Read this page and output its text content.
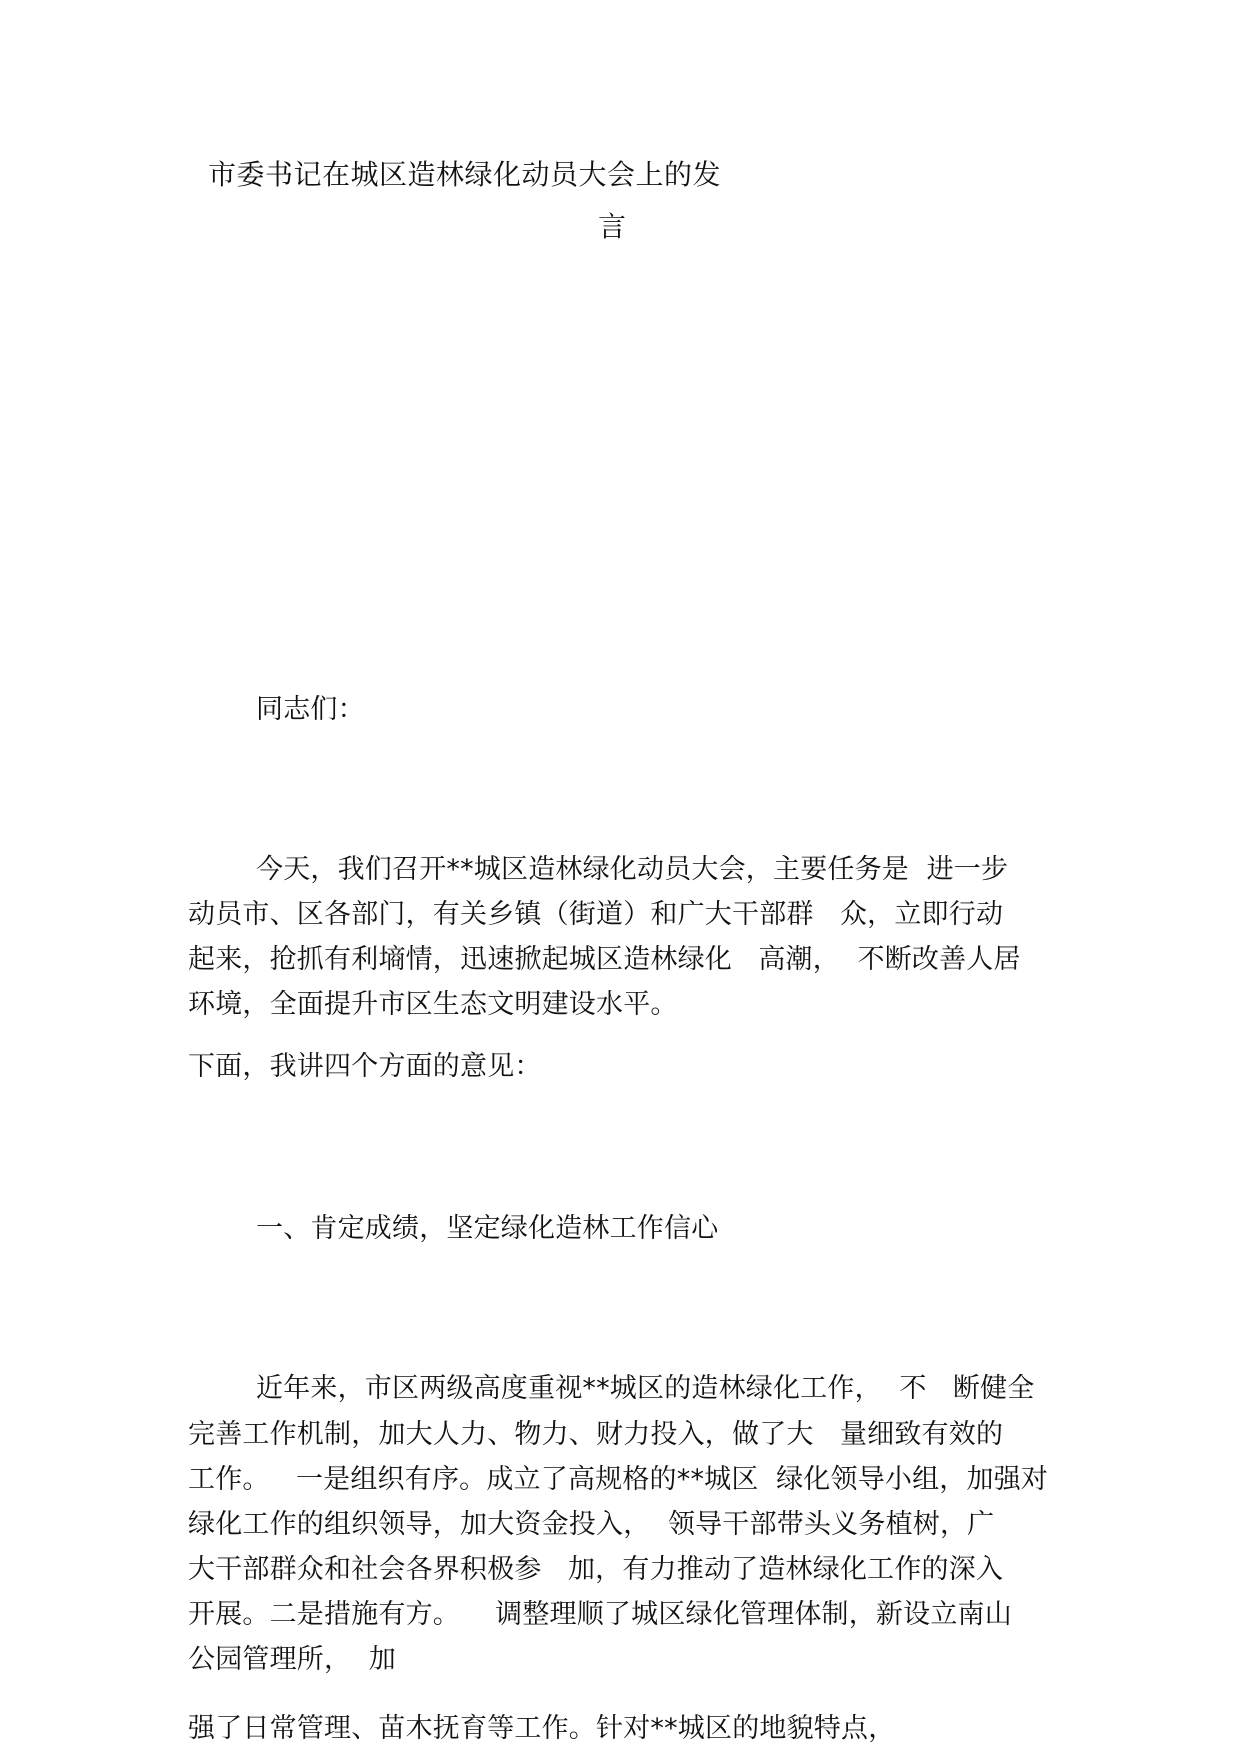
市委书记在城区造林绿化动员大会上的发
言
同志们：
今天，我们召开**城区造林绿化动员大会，主要任务是  进一步
动员市、区各部门，有关乡镇（街道）和广大干部群   众，立即行动
起来，抢抓有利墒情，迅速掀起城区造林绿化   高潮，  不断改善人居
环境，全面提升市区生态文明建设水平。
下面，我讲四个方面的意见：
一、肯定成绩，坚定绿化造林工作信心
近年来，市区两级高度重视**城区的造林绿化工作，  不   断健全
完善工作机制，加大人力、物力、财力投入，做了大   量细致有效的
工作。   一是组织有序。成立了高规格的**城区  绿化领导小组，加强对
绿化工作的组织领导，加大资金投入，  领导干部带头义务植树，广
大干部群众和社会各界积极参   加，有力推动了造林绿化工作的深入
开展。二是措施有方。    调整理顺了城区绿化管理体制，新设立南山
公园管理所，  加
强了日常管理、苗木抚育等工作。针对**城区的地貌特点，
